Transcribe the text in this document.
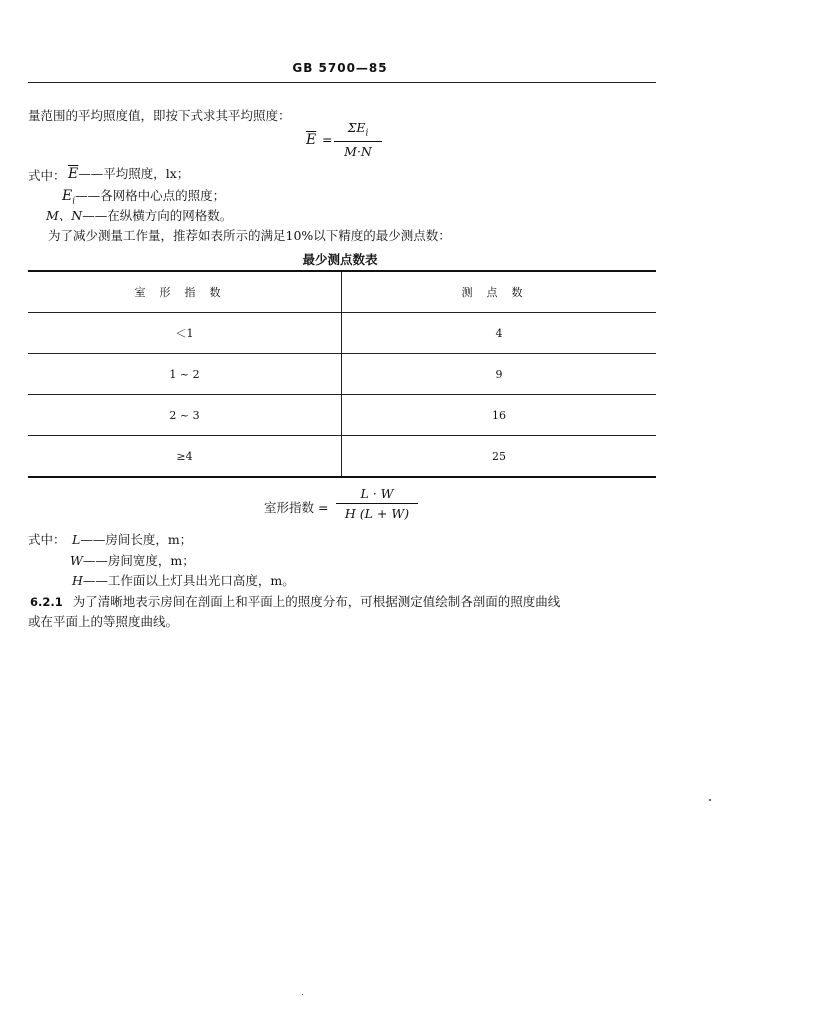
GB 5700—85
量范围的平均照度值，即按下式求其平均照度：
$\overline{E}$ =
$\Sigma E_i$
M·N
式中： $\overline{E}——$平均照度，lx；
$E_i——$各网格中心点的照度；
M、N——在纵横方向的网格数。
为了减少测量工作量，推荐如表所示的满足10%以下精度的最少测点数：
最少测点数表
室形指数	测点数
＜1	4
1 ~ 2	9
2 ~ 3	16
≥4	25
室形指数 =
L · W
H (L + W)
式中： L——房间长度，m；
W——房间宽度，m；
H——工作面以上灯具出光口高度，m。
6.2.1 为了清晰地表示房间在剖面上和平面上的照度分布，可根据测定值绘制各剖面的照度曲线
或在平面上的等照度曲线。
